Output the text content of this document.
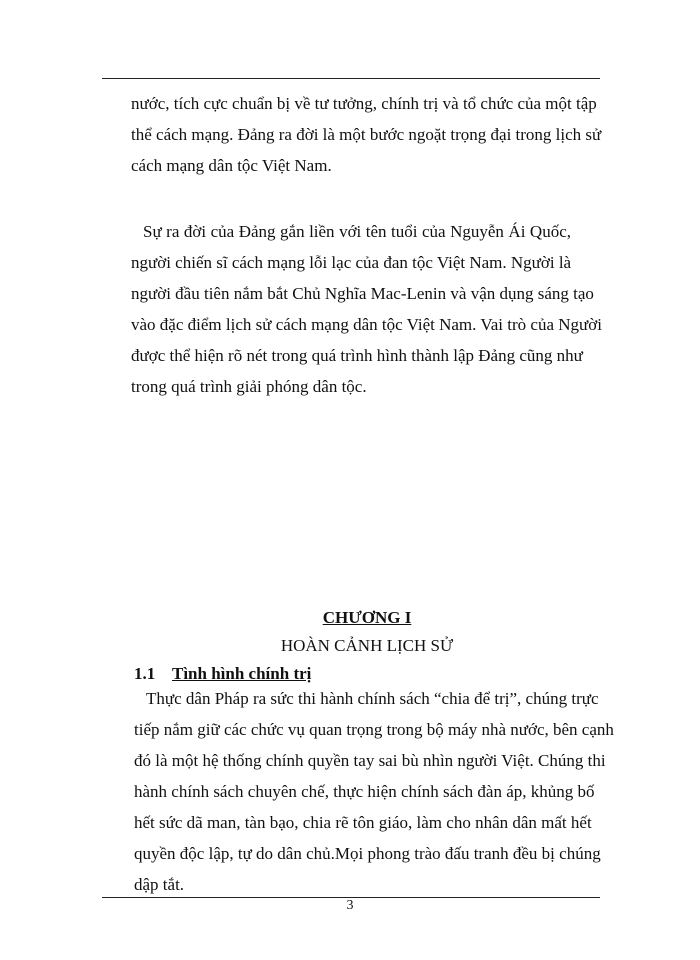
nước, tích cực chuẩn bị về tư tưởng, chính trị và tổ chức của một tập
thể cách mạng. Đảng ra đời là một bước ngoặt trọng đại trong lịch sử
cách mạng dân tộc Việt Nam.
Sự ra đời của Đảng gắn liền với tên tuổi của Nguyễn Ái Quốc,
người chiến sĩ cách mạng lỗi lạc của đan tộc Việt Nam. Người là
người đầu tiên nắm bắt Chủ Nghĩa Mac-Lenin và vận dụng sáng tạo
vào đặc điểm lịch sử cách mạng dân tộc Việt Nam. Vai trò của Người
được thể hiện rõ nét trong quá trình hình thành lập Đảng cũng như
trong quá trình giải phóng dân tộc.
CHƯƠNG I
HOÀN CẢNH LỊCH SỬ
1.1 Tình hình chính trị
Thực dân Pháp ra sức thi hành chính sách “chia để trị”, chúng trực
tiếp nắm giữ các chức vụ quan trọng trong bộ máy nhà nước, bên cạnh
đó là một hệ thống chính quyền tay sai bù nhìn người Việt. Chúng thi
hành chính sách chuyên chế, thực hiện chính sách đàn áp, khủng bố
hết sức dã man, tàn bạo, chia rẽ tôn giáo, làm cho nhân dân mất hết
quyền độc lập, tự do dân chủ.Mọi phong trào đấu tranh đều bị chúng
dập tắt.
3
